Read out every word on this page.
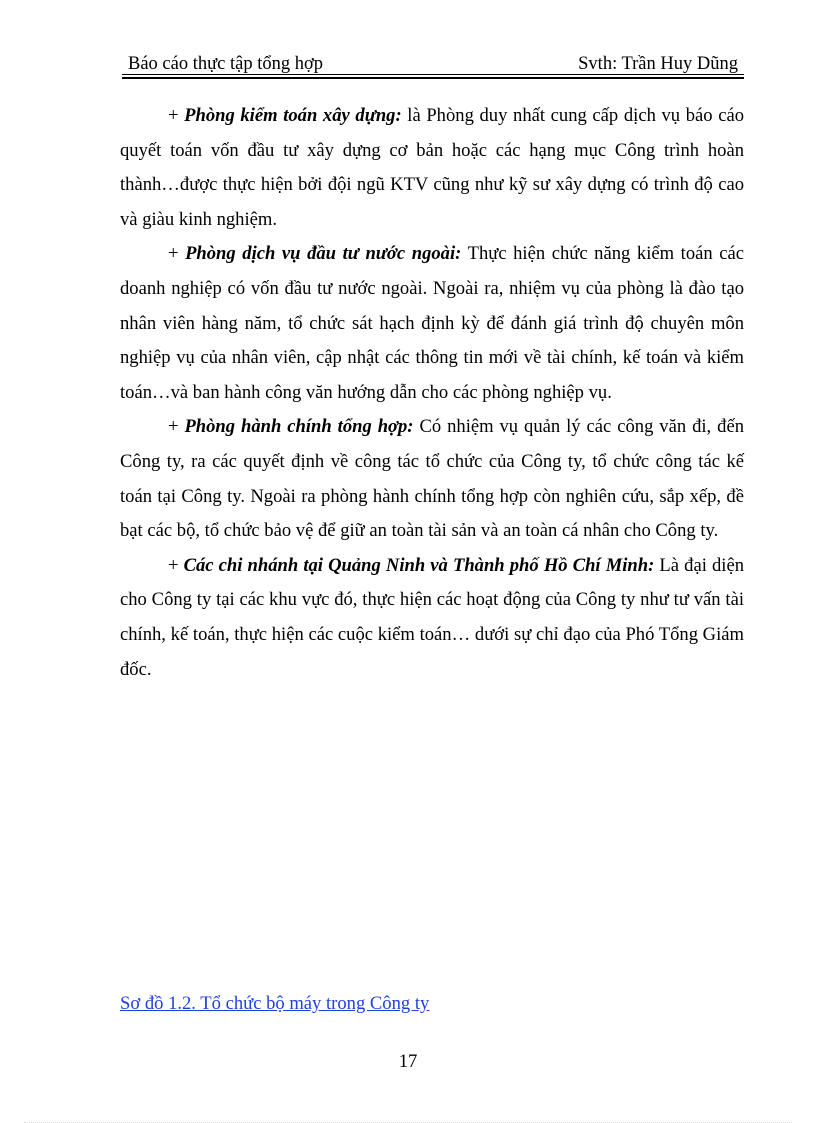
Báo cáo thực tập tổng hợp	Svth: Trần Huy Dũng

+ Phòng kiểm toán xây dựng: là Phòng duy nhất cung cấp dịch vụ báo cáo quyết toán vốn đầu tư xây dựng cơ bản hoặc các hạng mục Công trình hoàn thành…được thực hiện bởi đội ngũ KTV cũng như kỹ sư xây dựng có trình độ cao và giàu kinh nghiệm.

+ Phòng dịch vụ đầu tư nước ngoài: Thực hiện chức năng kiểm toán các doanh nghiệp có vốn đầu tư nước ngoài. Ngoài ra, nhiệm vụ của phòng là đào tạo nhân viên hàng năm, tổ chức sát hạch định kỳ để đánh giá trình độ chuyên môn nghiệp vụ của nhân viên, cập nhật các thông tin mới về tài chính, kế toán và kiểm toán…và ban hành công văn hướng dẫn cho các phòng nghiệp vụ.

+ Phòng hành chính tổng hợp: Có nhiệm vụ quản lý các công văn đi, đến Công ty, ra các quyết định về công tác tổ chức của Công ty, tổ chức công tác kế toán tại Công ty. Ngoài ra phòng hành chính tổng hợp còn nghiên cứu, sắp xếp, đề bạt các bộ, tổ chức bảo vệ để giữ an toàn tài sản và an toàn cá nhân cho Công ty.

+ Các chi nhánh tại Quảng Ninh và Thành phố Hồ Chí Minh: Là đại diện cho Công ty tại các khu vực đó, thực hiện các hoạt động của Công ty như tư vấn tài chính, kế toán, thực hiện các cuộc kiểm toán… dưới sự chỉ đạo của Phó Tổng Giám đốc.

Sơ đồ 1.2. Tổ chức bộ máy trong Công ty
17
